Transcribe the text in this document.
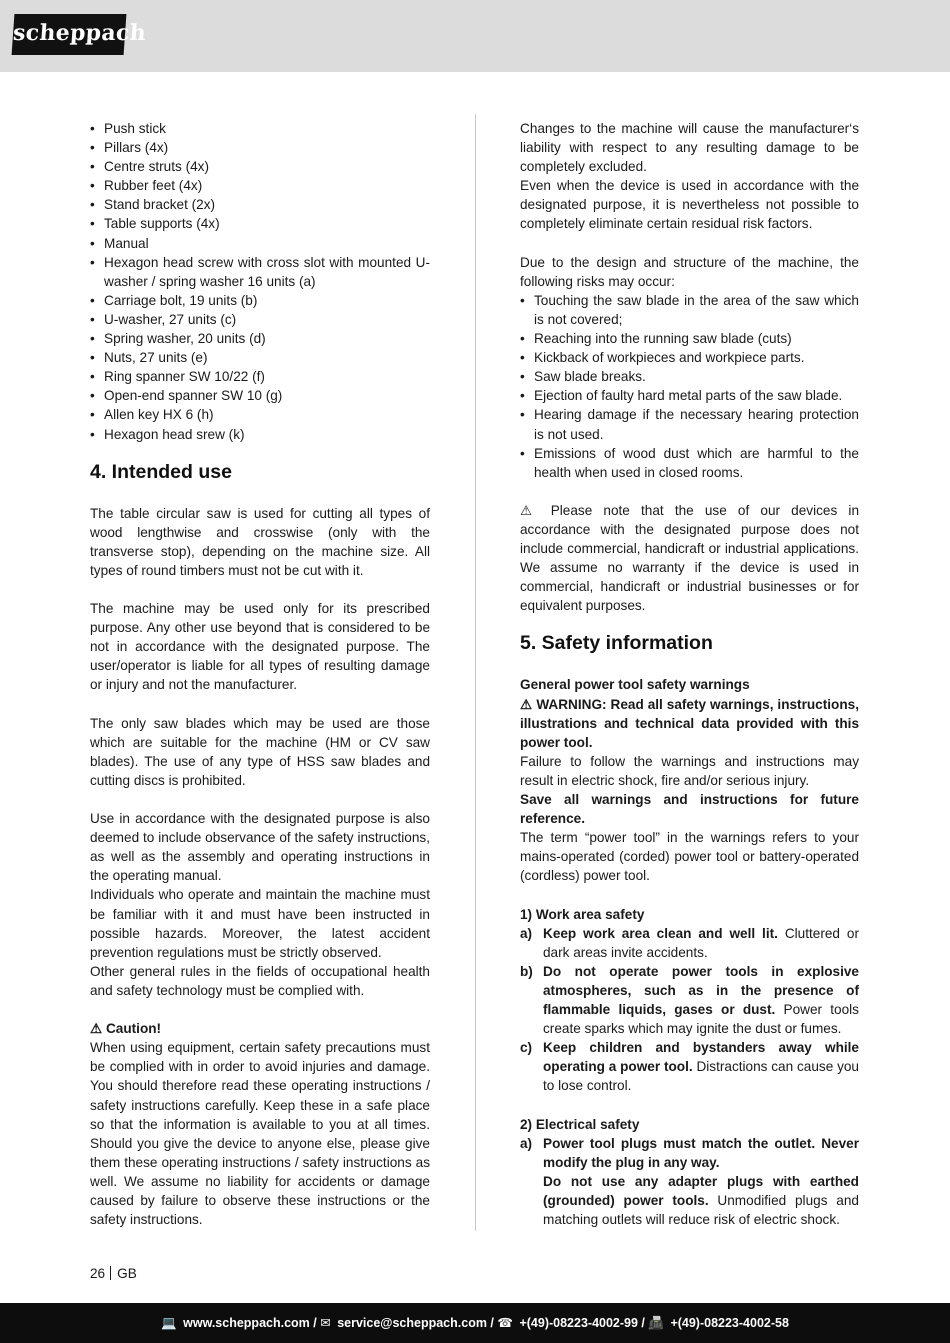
scheppach
• Push stick
• Pillars (4x)
• Centre struts (4x)
• Rubber feet (4x)
• Stand bracket (2x)
• Table supports (4x)
• Manual
• Hexagon head screw with cross slot with mounted U-washer / spring washer 16 units (a)
• Carriage bolt, 19 units (b)
• U-washer, 27 units (c)
• Spring washer, 20 units (d)
• Nuts, 27 units (e)
• Ring spanner SW 10/22 (f)
• Open-end spanner SW 10 (g)
• Allen key HX 6 (h)
• Hexagon head srew (k)
4. Intended use

The table circular saw is used for cutting all types of wood lengthwise and crosswise (only with the transverse stop), depending on the machine size. All types of round timbers must not be cut with it.

The machine may be used only for its prescribed purpose. Any other use beyond that is considered to be not in accordance with the designated purpose. The user/operator is liable for all types of resulting damage or injury and not the manufacturer.

The only saw blades which may be used are those which are suitable for the machine (HM or CV saw blades). The use of any type of HSS saw blades and cutting discs is prohibited.

Use in accordance with the designated purpose is also deemed to include observance of the safety instructions, as well as the assembly and operating instructions in the operating manual.

Individuals who operate and maintain the machine must be familiar with it and must have been instructed in possible hazards. Moreover, the latest accident prevention regulations must be strictly observed.

Other general rules in the fields of occupational health and safety technology must be complied with.

⚠ Caution!

When using equipment, certain safety precautions must be complied with in order to avoid injuries and damage. You should therefore read these operating instructions / safety instructions carefully. Keep these in a safe place so that the information is available to you at all times. Should you give the device to anyone else, please give them these operating instructions / safety instructions as well. We assume no liability for accidents or damage caused by failure to observe these instructions or the safety instructions.

Changes to the machine will cause the manufacturer‘s liability with respect to any resulting damage to be completely excluded.

Even when the device is used in accordance with the designated purpose, it is nevertheless not possible to completely eliminate certain residual risk factors.

Due to the design and structure of the machine, the following risks may occur:

• Touching the saw blade in the area of the saw which is not covered;
• Reaching into the running saw blade (cuts)
• Kickback of workpieces and workpiece parts.
• Saw blade breaks.
• Ejection of faulty hard metal parts of the saw blade.
• Hearing damage if the necessary hearing protection is not used.
• Emissions of wood dust which are harmful to the health when used in closed rooms.

⚠ Please note that the use of our devices in accordance with the designated purpose does not include commercial, handicraft or industrial applications. We assume no warranty if the device is used in commercial, handicraft or industrial businesses or for equivalent purposes.

5. Safety information

General power tool safety warnings

⚠ WARNING: Read all safety warnings, instructions, illustrations and technical data provided with this power tool.

Failure to follow the warnings and instructions may result in electric shock, fire and/or serious injury.

Save all warnings and instructions for future reference.

The term “power tool” in the warnings refers to your mains-operated (corded) power tool or battery-operated (cordless) power tool.

1) Work area safety

a) Keep work area clean and well lit. Cluttered or dark areas invite accidents.
b) Do not operate power tools in explosive atmospheres, such as in the presence of flammable liquids, gases or dust. Power tools create sparks which may ignite the dust or fumes.
c) Keep children and bystanders away while operating a power tool. Distractions can cause you to lose control.

2) Electrical safety

a) Power tool plugs must match the outlet. Never modify the plug in any way.
Do not use any adapter plugs with earthed (grounded) power tools. Unmodified plugs and matching outlets will reduce risk of electric shock.
26 GB
💻 www.scheppach.com / ✉ service@scheppach.com / ☎ +(49)-08223-4002-99 / 📠 +(49)-08223-4002-58
